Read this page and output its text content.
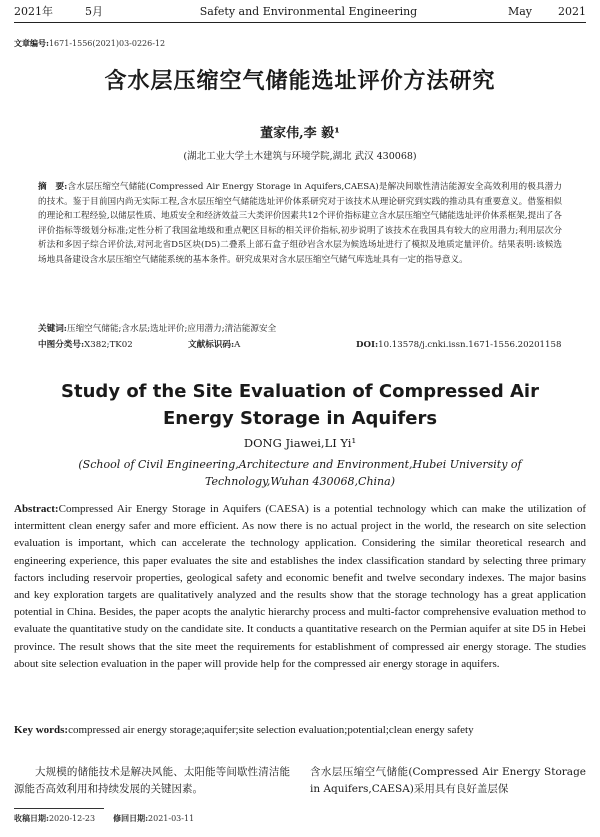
2021年	5月	Safety and Environmental Engineering	May 2021
文章编号:1671-1556(2021)03-0226-12
含水层压缩空气储能选址评价方法研究
董家伟,李 毅¹
(湖北工业大学土木建筑与环境学院,湖北 武汉 430068)
摘　要:含水层压缩空气储能(Compressed Air Energy Storage in Aquifers,CAESA)是解决间歇性清洁能源安全高效利用的极具潜力的技术。鉴于目前国内尚无实际工程,含水层压缩空气储能选址评价体系研究对于该技术从理论研究到实践的推动具有重要意义。借鉴相似的理论和工程经验,以储层性质、地质安全和经济效益三大类评价因素共12个评价指标建立含水层压缩空气储能选址评价体系框架,提出了各评价指标等级划分标准;定性分析了我国盆地级和重点靶区目标的相关评价指标,初步说明了该技术在我国具有较大的应用潜力;利用层次分析法和多因子综合评价法,对河北省D5区块(D5)二叠系上部石盒子组砂岩含水层为候选场址进行了模拟及地质定量评价。结果表明:该候选场地具备建设含水层压缩空气储能系统的基本条件。研究成果对含水层压缩空气储气库选址具有一定的指导意义。
关键词:压缩空气储能;含水层;选址评价;应用潜力;清洁能源安全
中图分类号:X382;TK02	文献标识码:A	DOI:10.13578/j.cnki.issn.1671-1556.20201158
Study of the Site Evaluation of Compressed Air Energy Storage in Aquifers
DONG Jiawei,LI Yi¹
(School of Civil Engineering,Architecture and Environment,Hubei University of Technology,Wuhan 430068,China)
Abstract:Compressed Air Energy Storage in Aquifers (CAESA) is a potential technology which can make the utilization of intermittent clean energy safer and more efficient. As now there is no actual project in the world, the research on site selection evaluation is important, which can accelerate the technology application. Considering the similar theoretical research and engineering experience, this paper evaluates the site and establishes the index classification standard by selecting three primary factors including reservoir properties, geological safety and economic benefit and twelve secondary indexes. The major basins and key exploration targets are qualitatively analyzed and the results show that the storage technology has a great application potential in China. Besides, the paper acopts the analytic hierarchy process and multi-factor comprehensive evaluation method to evaluate the quantitative study on the candidate site. It conducts a quantitative research on the Permian aquifer at site D5 in Hebei province. The result shows that the site meet the requirements for establishment of compressed air energy storage. The studies about site selection evaluation in the paper will provide help for the compressed air energy storage in aquifers.
Key words:compressed air energy storage;aquifer;site selection evaluation;potential;clean energy safety
大规模的储能技术是解决风能、太阳能等间歇性清洁能源能否高效利用和持续发展的关键因素。
含水层压缩空气储能(Compressed Air Energy Storage in Aquifers,CAESA)采用具有良好盖层保
收稿日期:2020-12-23 修回日期:2021-03-11
